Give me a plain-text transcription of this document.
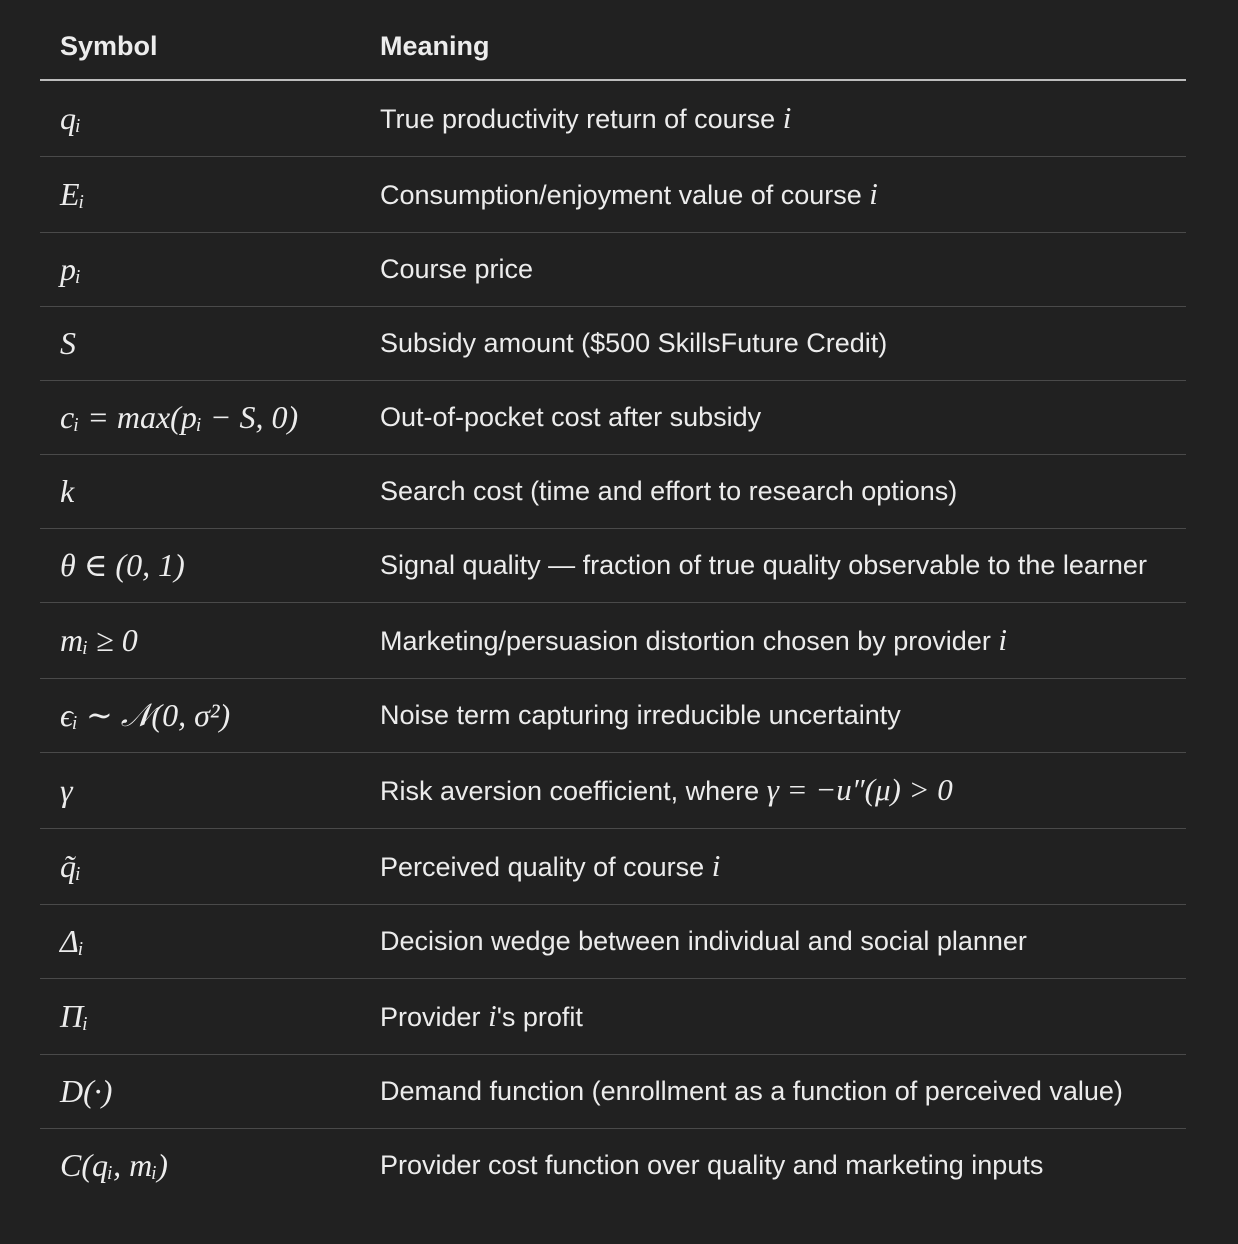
Symbol	Meaning
qᵢ	True productivity return of course i
Eᵢ	Consumption/enjoyment value of course i
pᵢ	Course price
S	Subsidy amount ($500 SkillsFuture Credit)
cᵢ = max(pᵢ − S, 0)	Out-of-pocket cost after subsidy
k	Search cost (time and effort to research options)
θ ∈ (0, 1)	Signal quality — fraction of true quality observable to the learner
mᵢ ≥ 0	Marketing/persuasion distortion chosen by provider i
ϵᵢ ∼ 𝒩(0, σ²)	Noise term capturing irreducible uncertainty
γ	Risk aversion coefficient, where γ = −u″(μ) > 0
q̃ᵢ	Perceived quality of course i
Δᵢ	Decision wedge between individual and social planner
Πᵢ	Provider i's profit
D(·)	Demand function (enrollment as a function of perceived value)
C(qᵢ, mᵢ)	Provider cost function over quality and marketing inputs
